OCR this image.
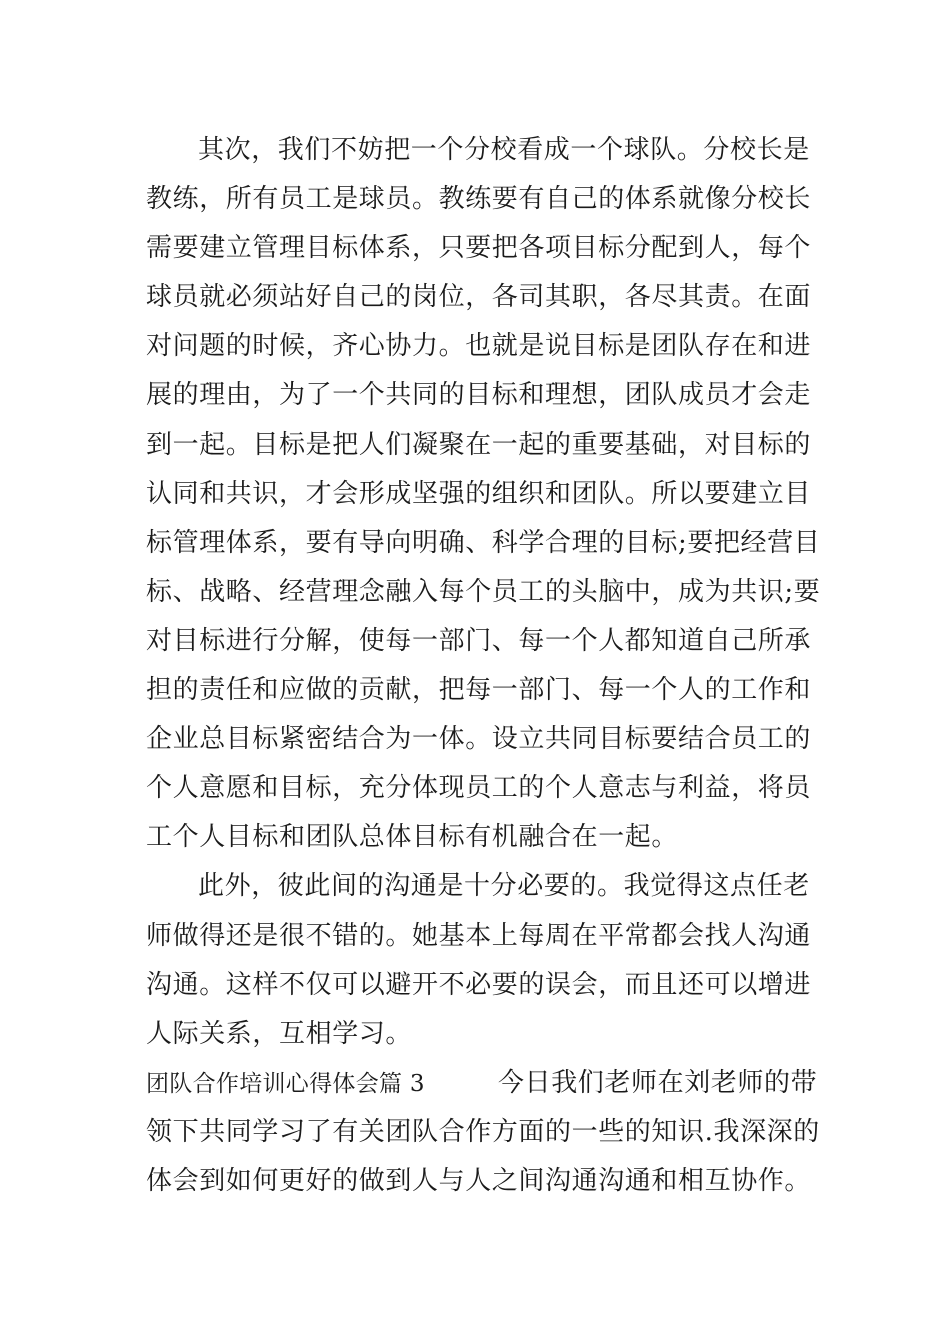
其次，我们不妨把一个分校看成一个球队。分校长是
教练，所有员工是球员。教练要有自己的体系就像分校长
需要建立管理目标体系，只要把各项目标分配到人，每个
球员就必须站好自己的岗位，各司其职，各尽其责。在面
对问题的时候，齐心协力。也就是说目标是团队存在和进
展的理由，为了一个共同的目标和理想，团队成员才会走
到一起。目标是把人们凝聚在一起的重要基础，对目标的
认同和共识，才会形成坚强的组织和团队。所以要建立目
标管理体系，要有导向明确、科学合理的目标;要把经营目
标、战略、经营理念融入每个员工的头脑中，成为共识;要
对目标进行分解，使每一部门、每一个人都知道自己所承
担的责任和应做的贡献，把每一部门、每一个人的工作和
企业总目标紧密结合为一体。设立共同目标要结合员工的
个人意愿和目标，充分体现员工的个人意志与利益，将员
工个人目标和团队总体目标有机融合在一起。
此外，彼此间的沟通是十分必要的。我觉得这点任老
师做得还是很不错的。她基本上每周在平常都会找人沟通
沟通。这样不仅可以避开不必要的误会，而且还可以增进
人际关系，互相学习。
团队合作培训心得体会篇 3	今日我们老师在刘老师的带
领下共同学习了有关团队合作方面的一些的知识.我深深的
体会到如何更好的做到人与人之间沟通沟通和相互协作。
